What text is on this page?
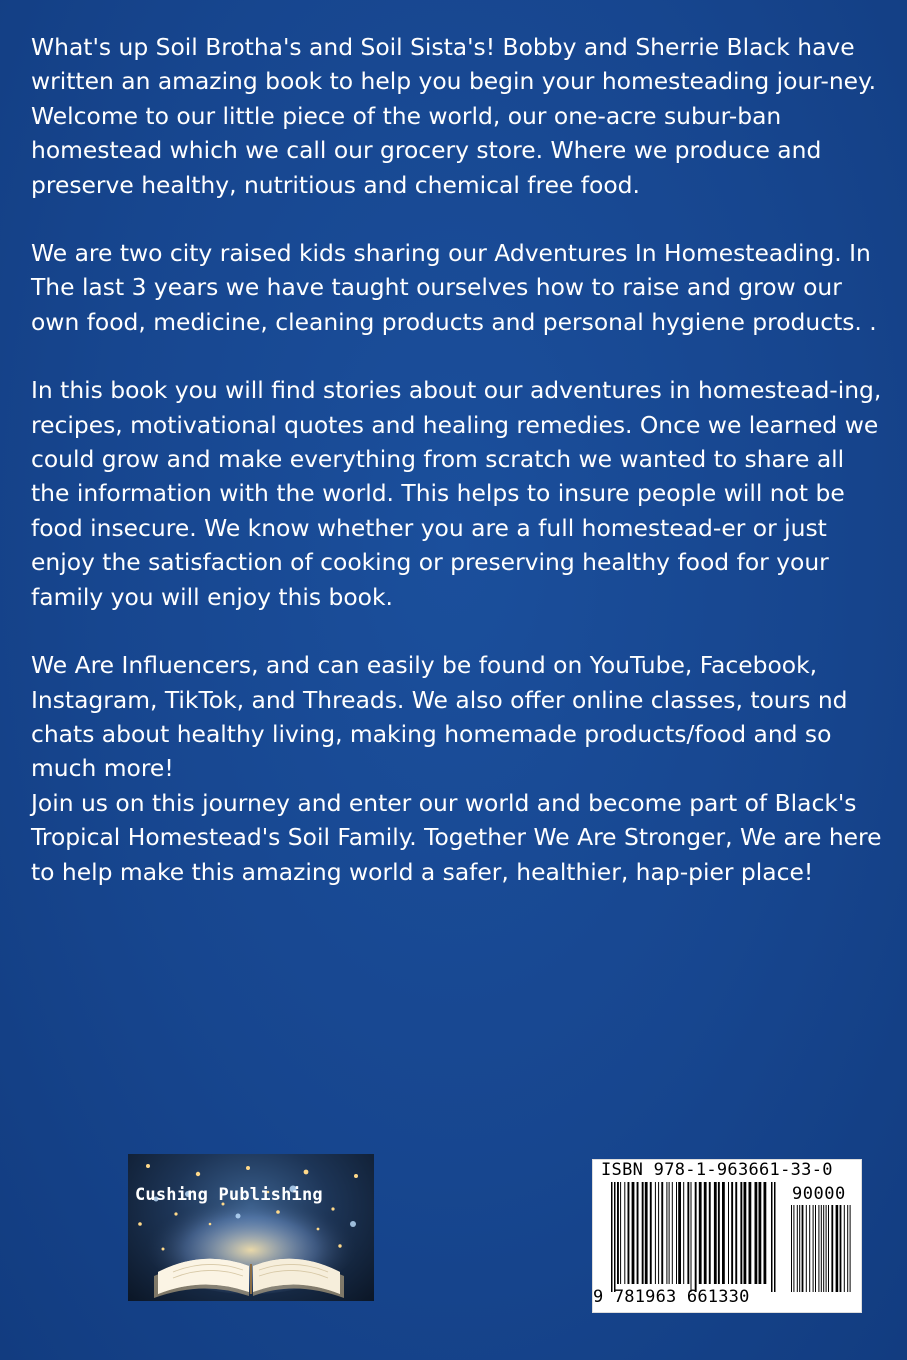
What's up Soil Brotha's and Soil Sista's! Bobby and Sherrie Black have written an amazing book to help you begin your homesteading jour-ney. Welcome to our little piece of the world, our one-acre subur-ban homestead which we call our grocery store. Where we produce and preserve healthy, nutritious and chemical free food.

We are two city raised kids sharing our Adventures In Homesteading. In The last 3 years we have taught ourselves how to raise and grow our own food, medicine, cleaning products and personal hygiene products. .

In this book you will find stories about our adventures in homestead-ing, recipes, motivational quotes and healing remedies. Once we learned we could grow and make everything from scratch we wanted to share all the information with the world. This helps to insure people will not be food insecure. We know whether you are a full homestead-er or just enjoy the satisfaction of cooking or preserving healthy food for your family you will enjoy this book.

We Are Influencers, and can easily be found on YouTube, Facebook, Instagram, TikTok, and Threads. We also offer online classes, tours nd chats about healthy living, making homemade products/food and so much more!

Join us on this journey and enter our world and become part of Black's Tropical Homestead's Soil Family. Together We Are Stronger, We are here to help make this amazing world a safer, healthier, hap-pier place!

Cushing Publishing
ISBN 978-1-963661-33-0
90000
9 781963 661330
